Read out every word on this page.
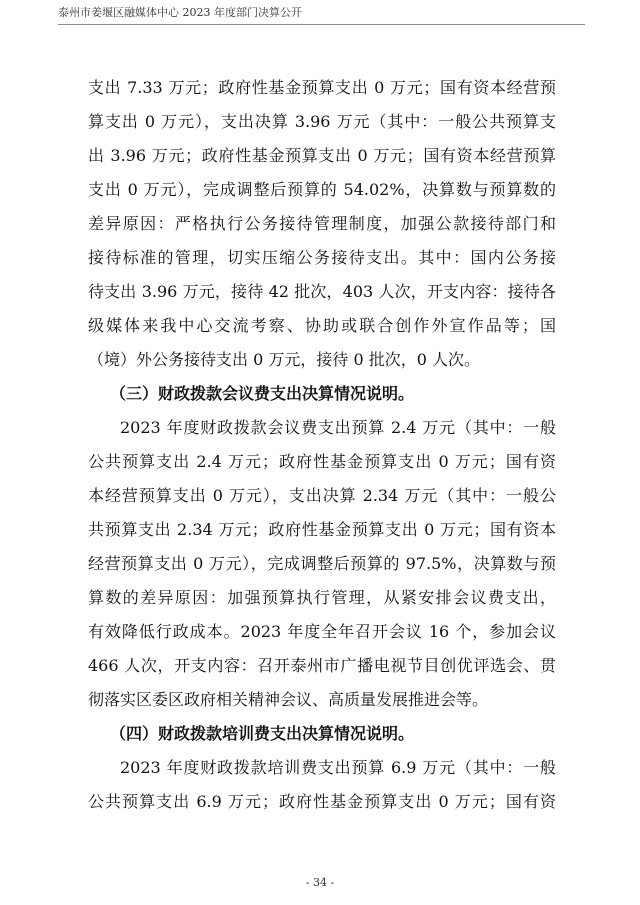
泰州市姜堰区融媒体中心 2023 年度部门决算公开
支出 7.33 万元；政府性基金预算支出 0 万元；国有资本经营预
算支出 0 万元），支出决算 3.96 万元（其中：一般公共预算支
出 3.96 万元；政府性基金预算支出 0 万元；国有资本经营预算
支出 0 万元），完成调整后预算的 54.02%，决算数与预算数的
差异原因：严格执行公务接待管理制度，加强公款接待部门和
接待标准的管理，切实压缩公务接待支出。其中：国内公务接
待支出 3.96 万元，接待 42 批次，403 人次，开支内容：接待各
级媒体来我中心交流考察、协助或联合创作外宣作品等；国
（境）外公务接待支出 0 万元，接待 0 批次，0 人次。
（三）财政拨款会议费支出决算情况说明。
2023 年度财政拨款会议费支出预算 2.4 万元（其中：一般
公共预算支出 2.4 万元；政府性基金预算支出 0 万元；国有资
本经营预算支出 0 万元），支出决算 2.34 万元（其中：一般公
共预算支出 2.34 万元；政府性基金预算支出 0 万元；国有资本
经营预算支出 0 万元），完成调整后预算的 97.5%，决算数与预
算数的差异原因：加强预算执行管理，从紧安排会议费支出，
有效降低行政成本。2023 年度全年召开会议 16 个，参加会议
466 人次，开支内容：召开泰州市广播电视节目创优评选会、贯
彻落实区委区政府相关精神会议、高质量发展推进会等。
（四）财政拨款培训费支出决算情况说明。
2023 年度财政拨款培训费支出预算 6.9 万元（其中：一般
公共预算支出 6.9 万元；政府性基金预算支出 0 万元；国有资
- 34 -
